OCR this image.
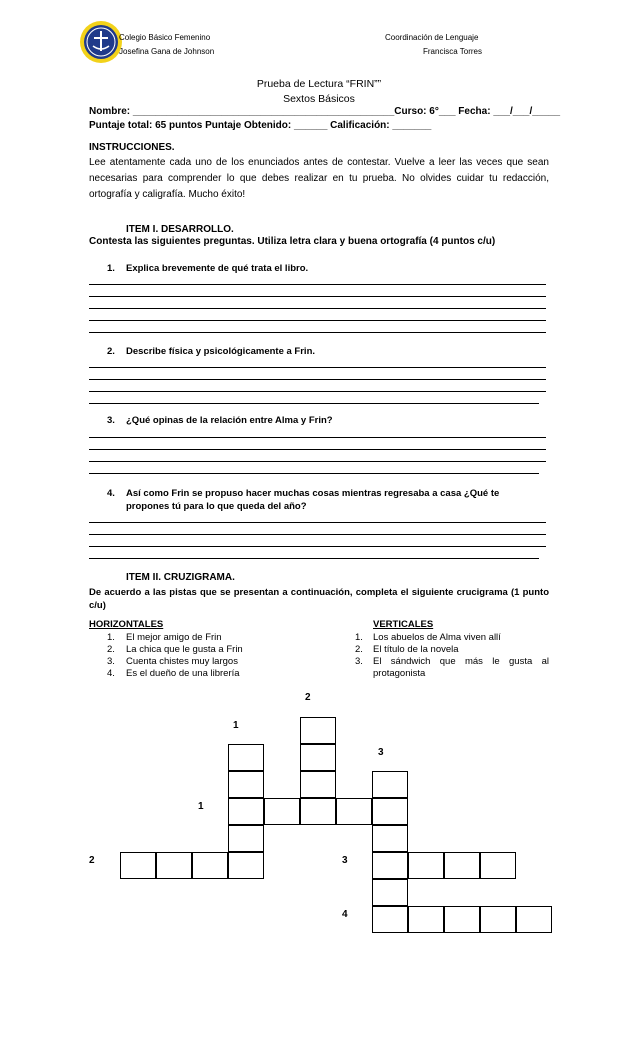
Colegio Básico Femenino
Josefina Gana de Johnson
Coordinación de Lenguaje
Francisca Torres
Prueba de Lectura “FRIN””
Sextos Básicos
Nombre: _______________________________________________Curso: 6°___ Fecha: ___/___/_____
Puntaje total: 65 puntos Puntaje Obtenido: ______ Calificación: _______
INSTRUCCIONES.
Lee atentamente cada uno de los enunciados antes de contestar. Vuelve a leer las veces que sean necesarias para comprender lo que debes realizar en tu prueba. No olvides cuidar tu redacción, ortografía y caligrafía. Mucho éxito!
ITEM I. DESARROLLO.
Contesta las siguientes preguntas. Utiliza letra clara y buena ortografía (4 puntos c/u)
1. Explica brevemente de qué trata el libro.
2. Describe física y psicológicamente a Frin.
3. ¿Qué opinas de la relación entre Alma y Frin?
4. Así como Frin se propuso hacer muchas cosas mientras regresaba a casa ¿Qué te
propones tú para lo que queda del año?
ITEM II. CRUZIGRAMA.
De acuerdo a las pistas que se presentan a continuación, completa el siguiente crucigrama (1 punto c/u)
HORIZONTALES
1. El mejor amigo de Frin
2. La chica que le gusta a Frin
3. Cuenta chistes muy largos
4. Es el dueño de una librería
VERTICALES
1. Los abuelos de Alma viven allí
2. El título de la novela
3. El sándwich que más le gusta al
protagonista
2
1
3
1
2	3
4
